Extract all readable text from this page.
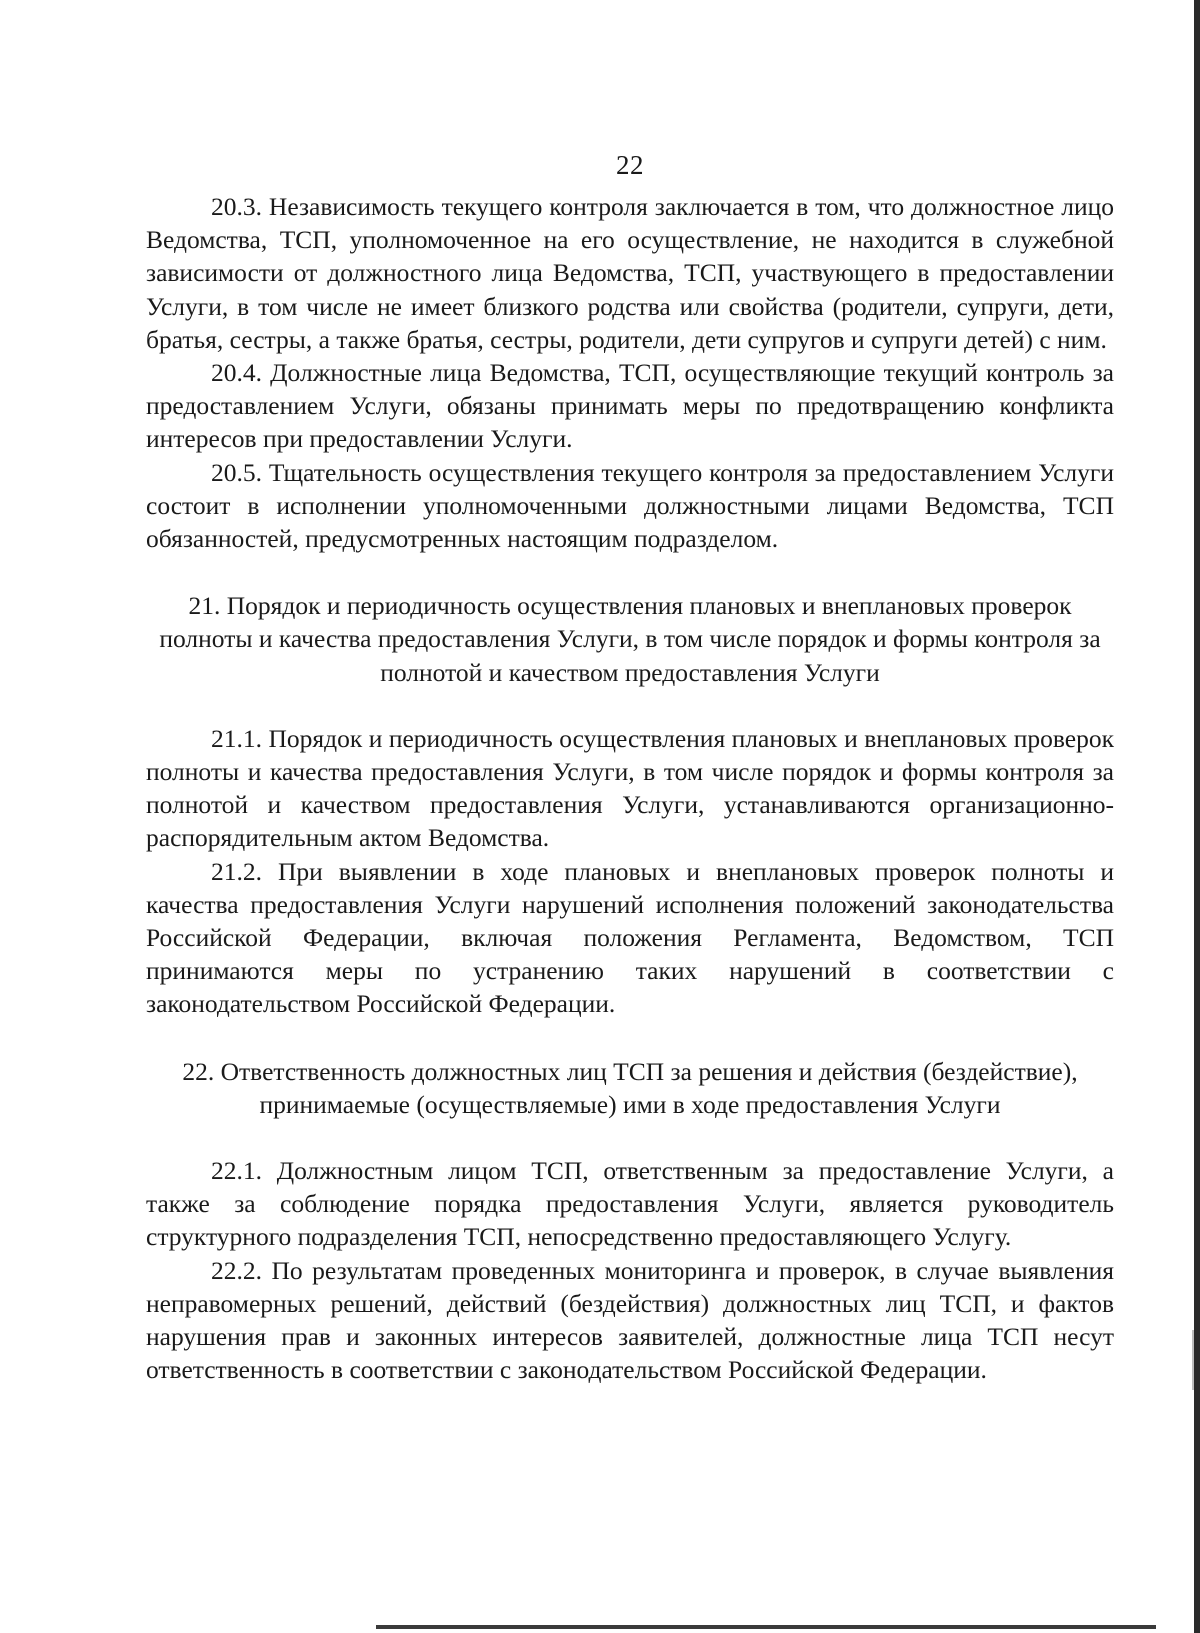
22

20.3. Независимость текущего контроля заключается в том, что должностное лицо Ведомства, ТСП, уполномоченное на его осуществление, не находится в служебной зависимости от должностного лица Ведомства, ТСП, участвующего в предоставлении Услуги, в том числе не имеет близкого родства или свойства (родители, супруги, дети, братья, сестры, а также братья, сестры, родители, дети супругов и супруги детей) с ним.

20.4. Должностные лица Ведомства, ТСП, осуществляющие текущий контроль за предоставлением Услуги, обязаны принимать меры по предотвращению конфликта интересов при предоставлении Услуги.

20.5. Тщательность осуществления текущего контроля за предоставлением Услуги состоит в исполнении уполномоченными должностными лицами Ведомства, ТСП обязанностей, предусмотренных настоящим подразделом.

21. Порядок и периодичность осуществления плановых и внеплановых проверок полноты и качества предоставления Услуги, в том числе порядок и формы контроля за полнотой и качеством предоставления Услуги

21.1. Порядок и периодичность осуществления плановых и внеплановых проверок полноты и качества предоставления Услуги, в том числе порядок и формы контроля за полнотой и качеством предоставления Услуги, устанавливаются организационно-распорядительным актом Ведомства.

21.2. При выявлении в ходе плановых и внеплановых проверок полноты и качества предоставления Услуги нарушений исполнения положений законодательства Российской Федерации, включая положения Регламента, Ведомством, ТСП принимаются меры по устранению таких нарушений в соответствии с законодательством Российской Федерации.

22. Ответственность должностных лиц ТСП за решения и действия (бездействие), принимаемые (осуществляемые) ими в ходе предоставления Услуги

22.1. Должностным лицом ТСП, ответственным за предоставление Услуги, а также за соблюдение порядка предоставления Услуги, является руководитель структурного подразделения ТСП, непосредственно предоставляющего Услугу.

22.2. По результатам проведенных мониторинга и проверок, в случае выявления неправомерных решений, действий (бездействия) должностных лиц ТСП, и фактов нарушения прав и законных интересов заявителей, должностные лица ТСП несут ответственность в соответствии с законодательством Российской Федерации.
